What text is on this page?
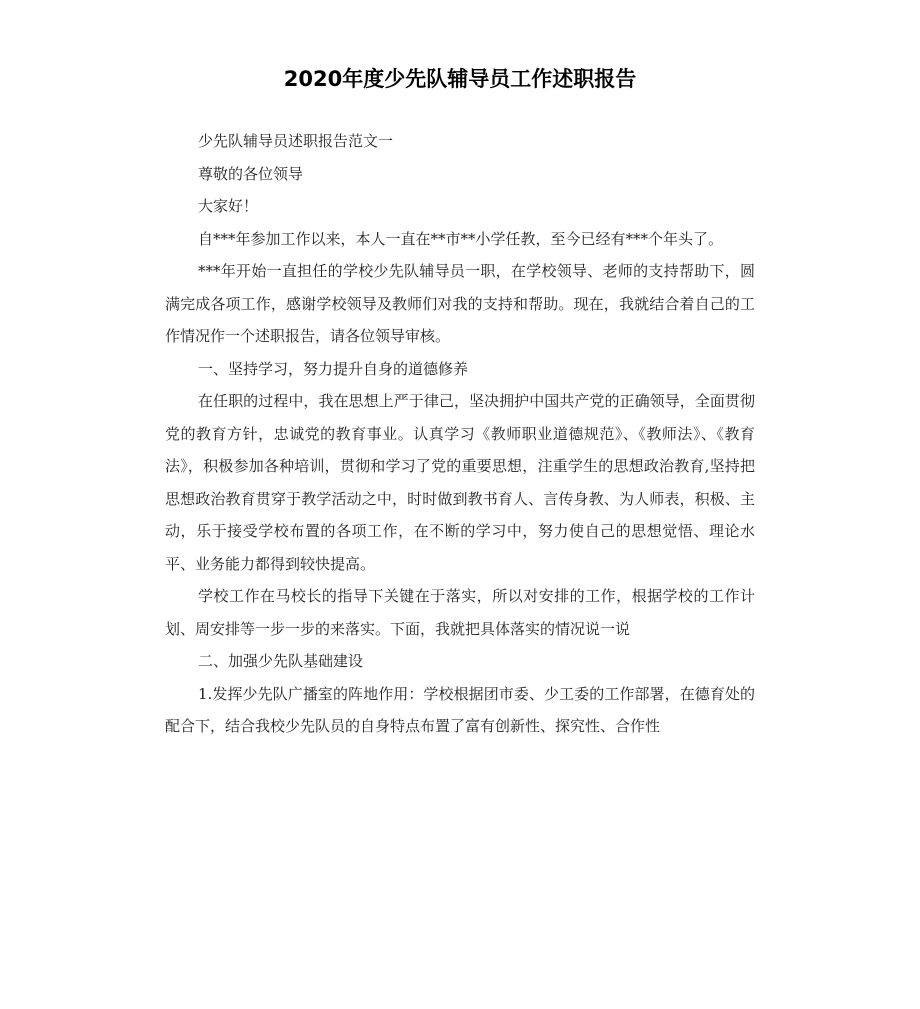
2020年度少先队辅导员工作述职报告

少先队辅导员述职报告范文一

尊敬的各位领导

大家好！

自***年参加工作以来，本人一直在**市**小学任教，至今已经有***个年头了。

***年开始一直担任的学校少先队辅导员一职，在学校领导、老师的支持帮助下，圆满完成各项工作，感谢学校领导及教师们对我的支持和帮助。现在，我就结合着自己的工作情况作一个述职报告，请各位领导审核。

一、坚持学习，努力提升自身的道德修养

在任职的过程中，我在思想上严于律己，坚决拥护中国共产党的正确领导，全面贯彻党的教育方针，忠诚党的教育事业。认真学习《教师职业道德规范》、《教师法》、《教育法》，积极参加各种培训，贯彻和学习了党的重要思想，注重学生的思想政治教育,坚持把思想政治教育贯穿于教学活动之中，时时做到教书育人、言传身教、为人师表，积极、主动，乐于接受学校布置的各项工作，在不断的学习中，努力使自己的思想觉悟、理论水平、业务能力都得到较快提高。

学校工作在马校长的指导下关键在于落实，所以对安排的工作，根据学校的工作计划、周安排等一步一步的来落实。下面，我就把具体落实的情况说一说

二、加强少先队基础建设

1.发挥少先队广播室的阵地作用：学校根据团市委、少工委的工作部署，在德育处的配合下，结合我校少先队员的自身特点布置了富有创新性、探究性、合作性
